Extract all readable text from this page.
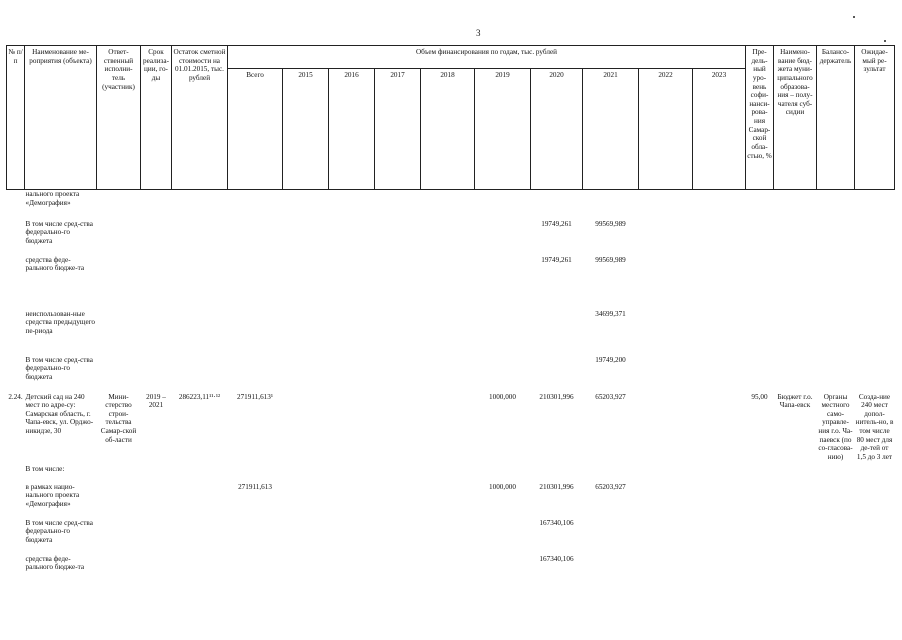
3
№ п/п	Наименование ме-роприятия (объекта)	Ответ-ственный исполни-тель (участник)	Срок реализа-ции, го-ды	Остаток сметной стоимости на 01.01.2015, тыс. рублей	Объем финансирования по годам, тыс. рублей										Пре-дель-ный уро-вень софи-нанси-рова-ния Самар-ской обла-стью, %	Наимено-вание бюд-жета муни-ципального образова-ния – полу-чателя суб-сидии	Балансо-держатель	Ожидае-мый ре-зультат
					Всего	2015	2016	2017	2018	2019	2020	2021	2022	2023				
	нального проекта «Демография»																	
	В том числе сред-ства федерально-го бюджета										19749,261	99569,989						
	средства феде-рального бюдже-та										19749,261	99569,989						
	неиспользован-ные средства предыдущего пе-риода											34699,371						
	В том числе сред-ства федерально-го бюджета											19749,200						
2.24.	Детский сад на 240 мест по адре-су: Самарская область, г. Чапа-евск, ул. Орджо-никидзе, 30	Мини-стерство строи-тельства Самар-ской об-ласти	2019 – 2021	286223,11¹¹·¹²	271911,613¹					1000,000	210301,996	65203,927			95,00	Бюджет г.о. Чапа-евск	Органы местного само-управле-ния г.о. Ча-паевск (по со-гласова-нию)	Созда-ние 240 мест допол-нитель-но, в том числе 80 мест для де-тей от 1,5 до 3 лет
	В том числе:																	
	в рамках нацио-нального проекта «Демография»				271911,613					1000,000	210301,996	65203,927						
	В том числе сред-ства федерально-го бюджета										167340,106							
	средства феде-рального бюдже-та										167340,106							
